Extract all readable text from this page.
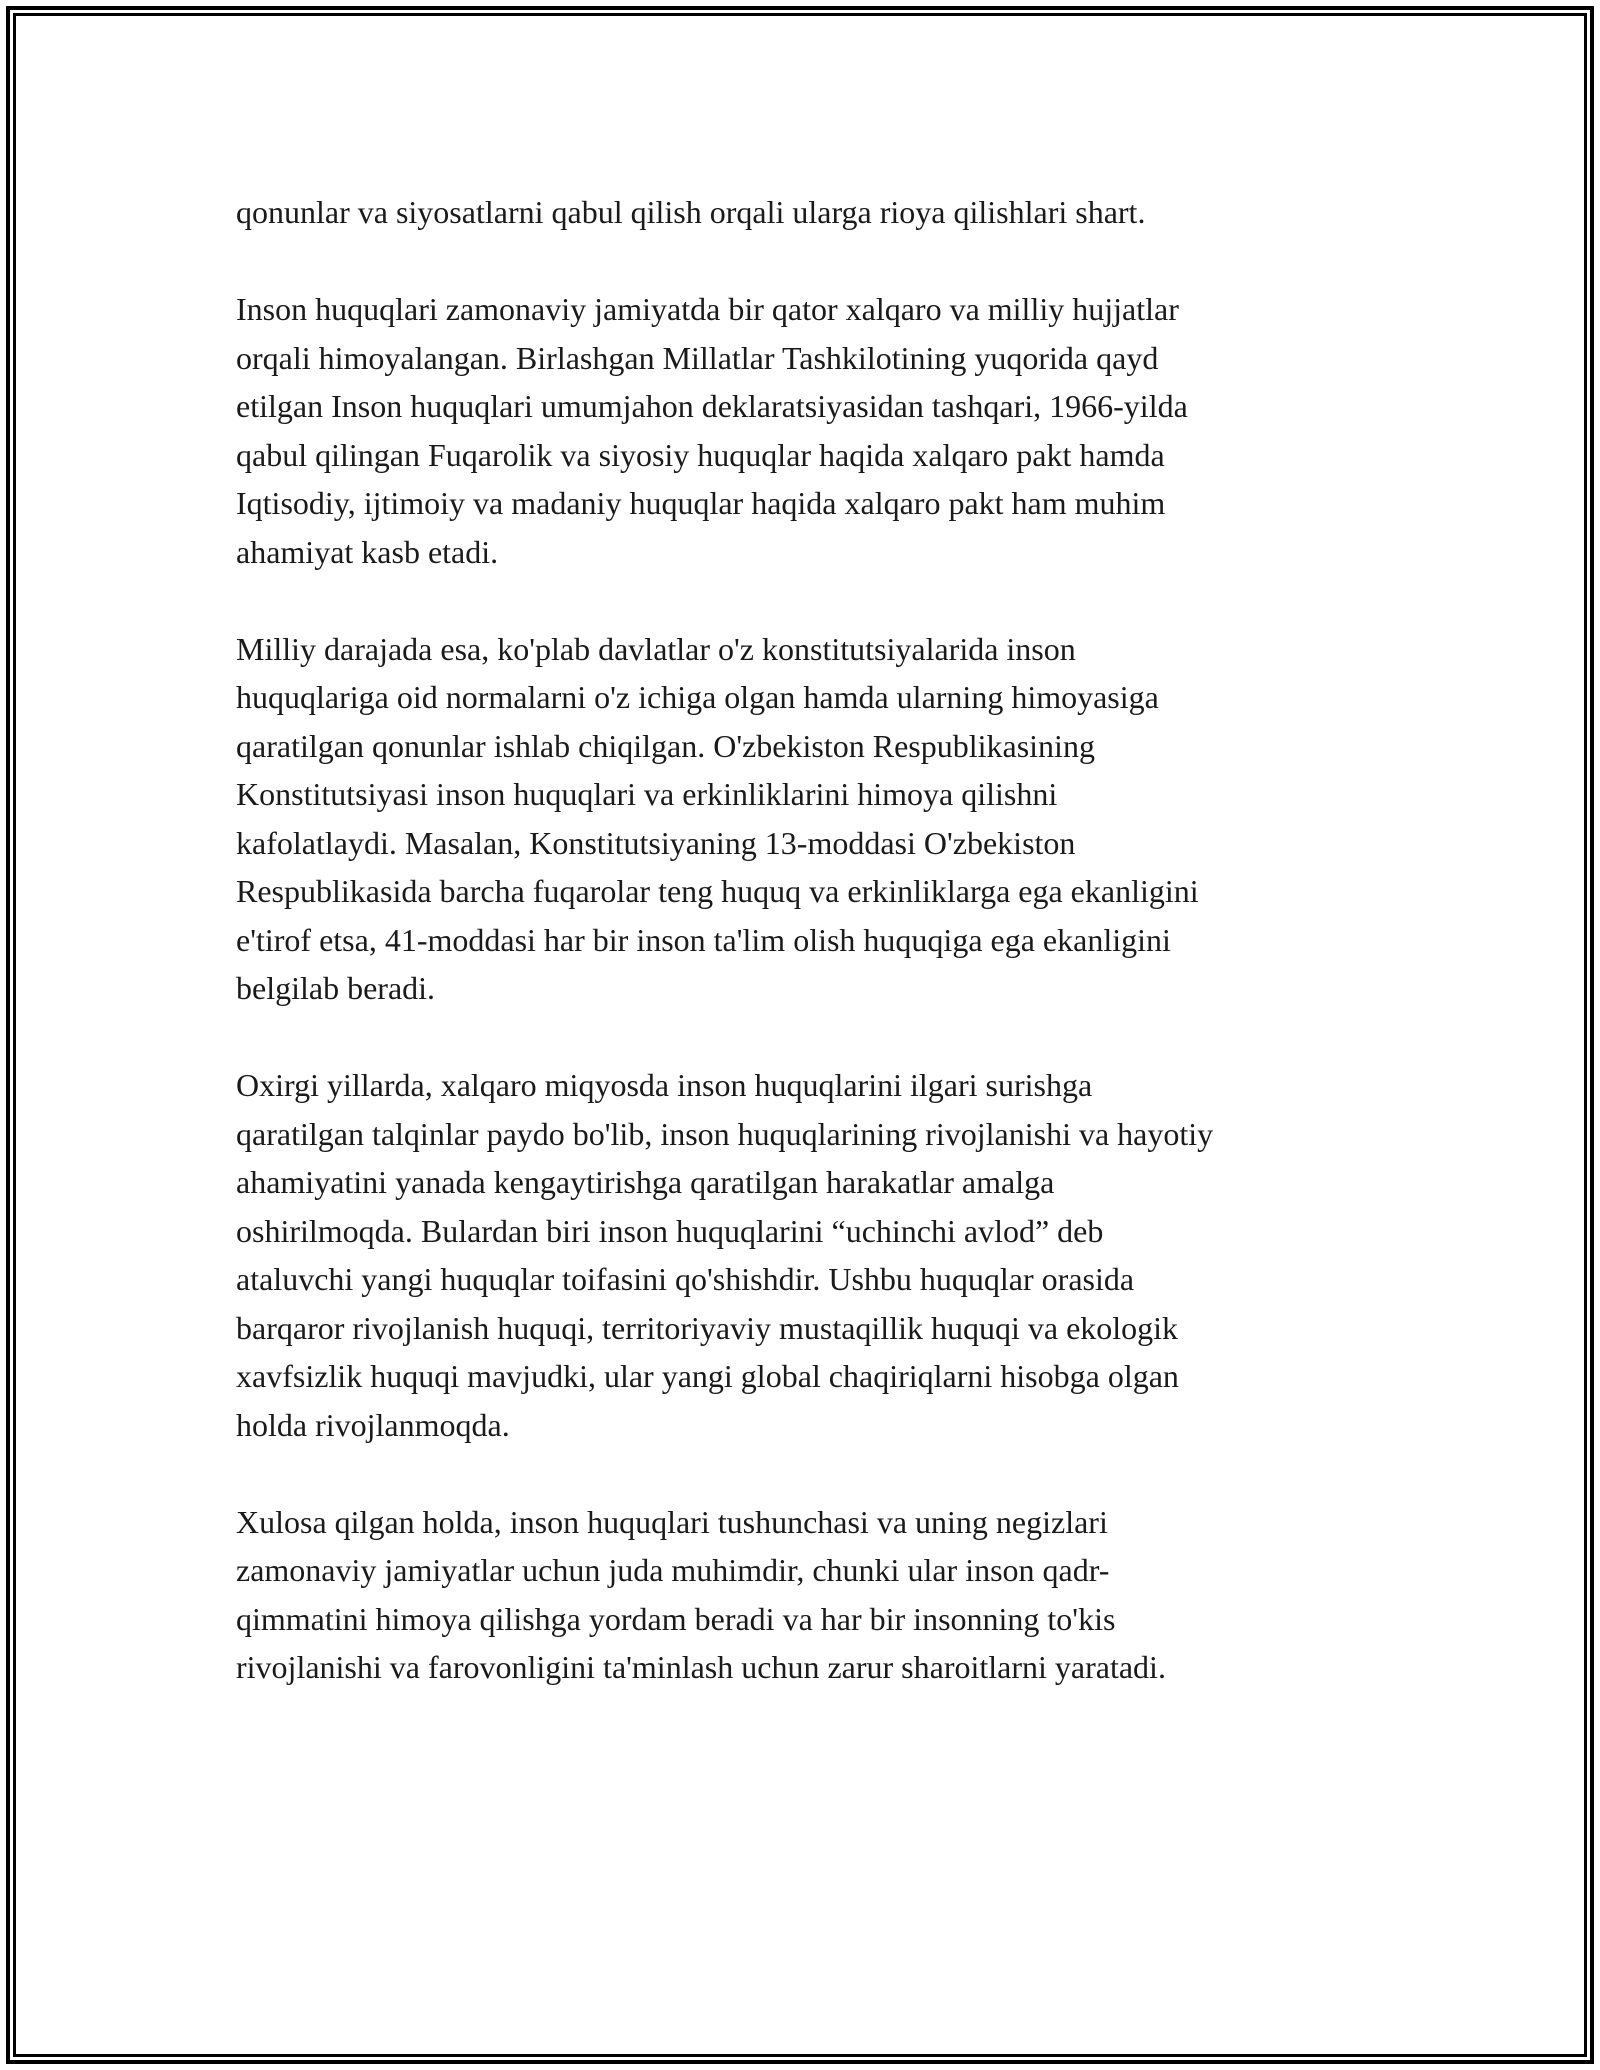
qonunlar va siyosatlarni qabul qilish orqali ularga rioya qilishlari shart.

Inson huquqlari zamonaviy jamiyatda bir qator xalqaro va milliy hujjatlar
orqali himoyalangan. Birlashgan Millatlar Tashkilotining yuqorida qayd
etilgan Inson huquqlari umumjahon deklaratsiyasidan tashqari, 1966-yilda
qabul qilingan Fuqarolik va siyosiy huquqlar haqida xalqaro pakt hamda
Iqtisodiy, ijtimoiy va madaniy huquqlar haqida xalqaro pakt ham muhim
ahamiyat kasb etadi.

Milliy darajada esa, ko'plab davlatlar o'z konstitutsiyalarida inson
huquqlariga oid normalarni o'z ichiga olgan hamda ularning himoyasiga
qaratilgan qonunlar ishlab chiqilgan. O'zbekiston Respublikasining
Konstitutsiyasi inson huquqlari va erkinliklarini himoya qilishni
kafolatlaydi. Masalan, Konstitutsiyaning 13-moddasi O'zbekiston
Respublikasida barcha fuqarolar teng huquq va erkinliklarga ega ekanligini
e'tirof etsa, 41-moddasi har bir inson ta'lim olish huquqiga ega ekanligini
belgilab beradi.

Oxirgi yillarda, xalqaro miqyosda inson huquqlarini ilgari surishga
qaratilgan talqinlar paydo bo'lib, inson huquqlarining rivojlanishi va hayotiy
ahamiyatini yanada kengaytirishga qaratilgan harakatlar amalga
oshirilmoqda. Bulardan biri inson huquqlarini “uchinchi avlod” deb
ataluvchi yangi huquqlar toifasini qo'shishdir. Ushbu huquqlar orasida
barqaror rivojlanish huquqi, territoriyaviy mustaqillik huquqi va ekologik
xavfsizlik huquqi mavjudki, ular yangi global chaqiriqlarni hisobga olgan
holda rivojlanmoqda.

Xulosa qilgan holda, inson huquqlari tushunchasi va uning negizlari
zamonaviy jamiyatlar uchun juda muhimdir, chunki ular inson qadr-
qimmatini himoya qilishga yordam beradi va har bir insonning to'kis
rivojlanishi va farovonligini ta'minlash uchun zarur sharoitlarni yaratadi.
